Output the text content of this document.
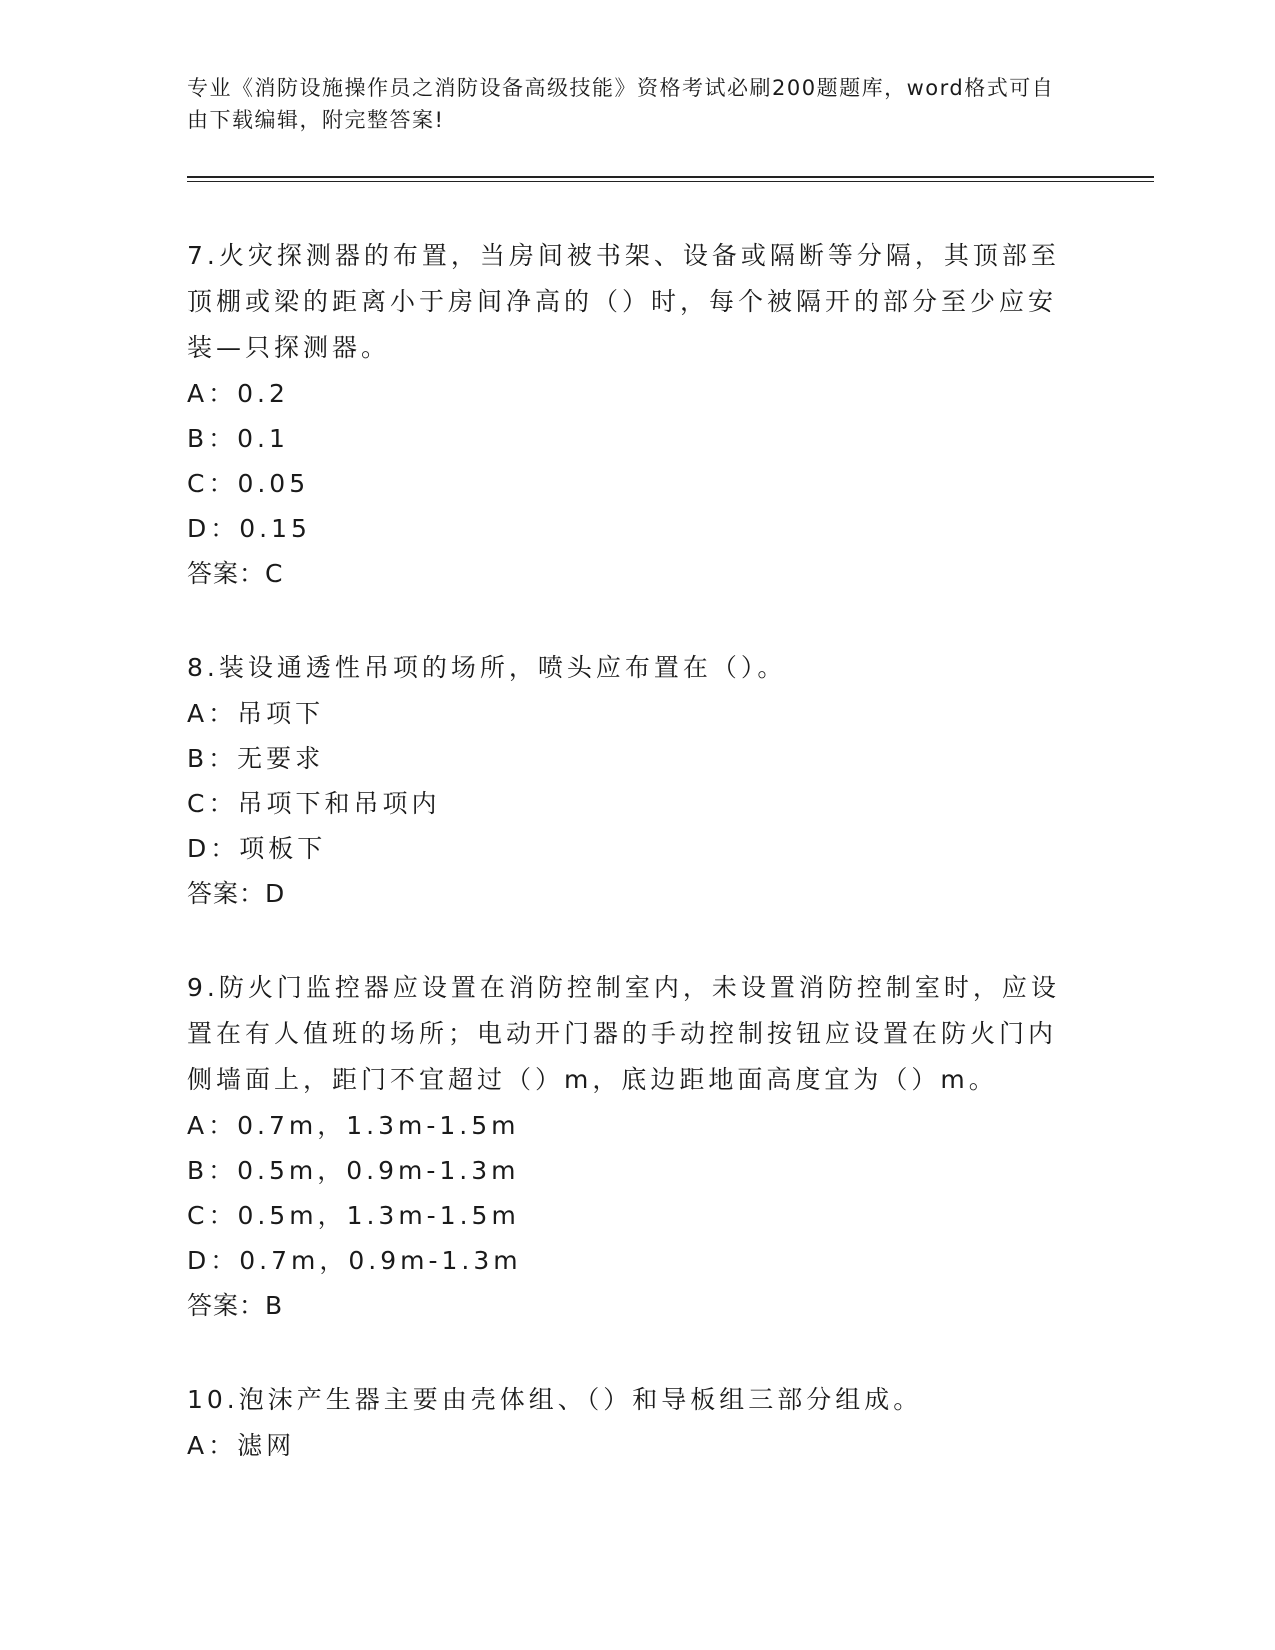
专业《消防设施操作员之消防设备高级技能》资格考试必刷200题题库，word格式可自由下载编辑，附完整答案!

7.火灾探测器的布置，当房间被书架、设备或隔断等分隔，其顶部至顶棚或梁的距离小于房间净高的（）时，每个被隔开的部分至少应安装—只探测器。

A：0.2

B：0.1

C：0.05

D：0.15

答案：C

8.装设通透性吊项的场所，喷头应布置在（）。

A：吊项下

B：无要求

C：吊项下和吊项内

D：项板下

答案：D

9.防火门监控器应设置在消防控制室内，未设置消防控制室时，应设置在有人值班的场所；电动开门器的手动控制按钮应设置在防火门内侧墙面上，距门不宜超过（）m，底边距地面高度宜为（）m。

A：0.7m，1.3m-1.5m

B：0.5m，0.9m-1.3m

C：0.5m，1.3m-1.5m

D：0.7m，0.9m-1.3m

答案：B

10.泡沫产生器主要由壳体组、（）和导板组三部分组成。

A：滤网
